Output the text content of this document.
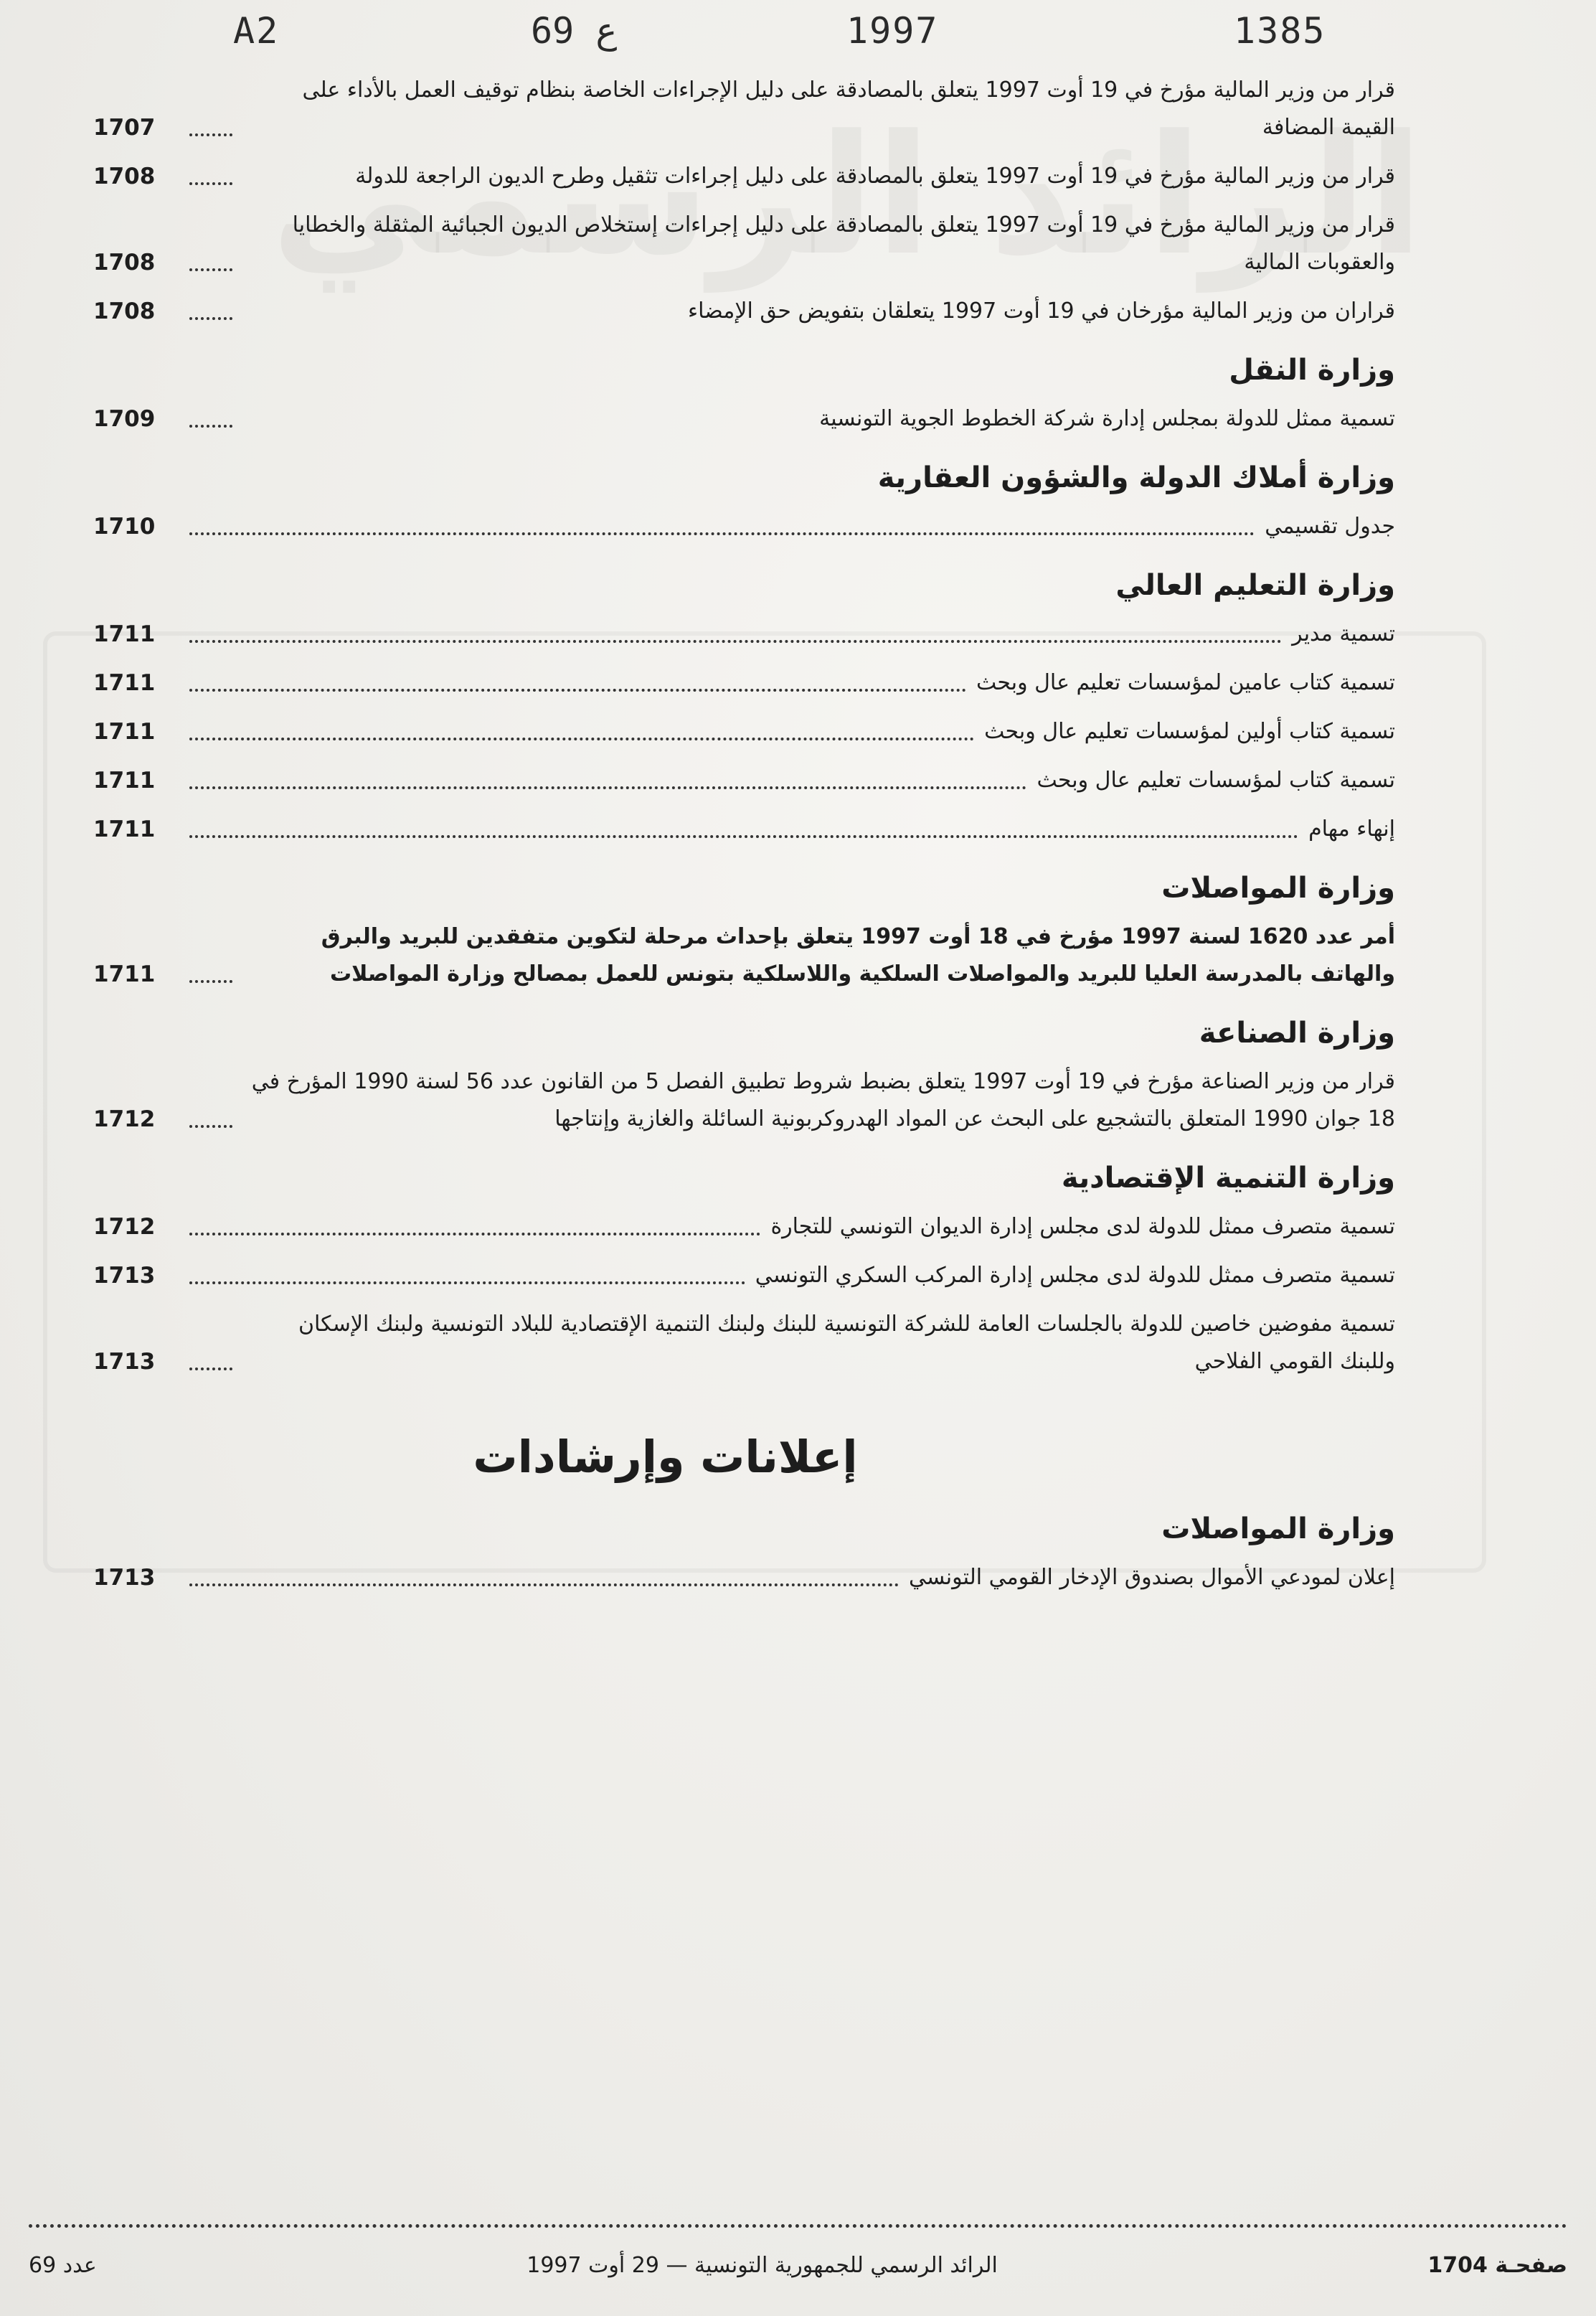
A2	69 ع	1997	1385
قرار من وزير المالية مؤرخ في 19 أوت 1997 يتعلق بالمصادقة على دليل الإجراءات الخاصة بنظام توقيف العمل بالأداء على القيمة المضافة
1707
قرار من وزير المالية مؤرخ في 19 أوت 1997 يتعلق بالمصادقة على دليل إجراءات تثقيل وطرح الديون الراجعة للدولة
1708
قرار من وزير المالية مؤرخ في 19 أوت 1997 يتعلق بالمصادقة على دليل إجراءات إستخلاص الديون الجبائية المثقلة والخطايا والعقوبات المالية
1708
قراران من وزير المالية مؤرخان في 19 أوت 1997 يتعلقان بتفويض حق الإمضاء
1708
وزارة النقل
تسمية ممثل للدولة بمجلس إدارة شركة الخطوط الجوية التونسية
1709
وزارة أملاك الدولة والشؤون العقارية
جدول تقسيمي
1710
وزارة التعليم العالي
تسمية مدير
1711
تسمية كتاب عامين لمؤسسات تعليم عال وبحث
1711
تسمية كتاب أولين لمؤسسات تعليم عال وبحث
1711
تسمية كتاب لمؤسسات تعليم عال وبحث
1711
إنهاء مهام
1711
وزارة المواصلات
أمر عدد 1620 لسنة 1997 مؤرخ في 18 أوت 1997 يتعلق بإحداث مرحلة لتكوين متفقدين للبريد والبرق والهاتف بالمدرسة العليا للبريد والمواصلات السلكية واللاسلكية بتونس للعمل بمصالح وزارة المواصلات
1711
وزارة الصناعة
قرار من وزير الصناعة مؤرخ في 19 أوت 1997 يتعلق بضبط شروط تطبيق الفصل 5 من القانون عدد 56 لسنة 1990 المؤرخ في 18 جوان 1990 المتعلق بالتشجيع على البحث عن المواد الهدروكربونية السائلة والغازية وإنتاجها
1712
وزارة التنمية الإقتصادية
تسمية متصرف ممثل للدولة لدى مجلس إدارة الديوان التونسي للتجارة
1712
تسمية متصرف ممثل للدولة لدى مجلس إدارة المركب السكري التونسي
1713
تسمية مفوضين خاصين للدولة بالجلسات العامة للشركة التونسية للبنك ولبنك التنمية الإقتصادية للبلاد التونسية ولبنك الإسكان وللبنك القومي الفلاحي
1713
إعلانات وإرشادات
وزارة المواصلات
إعلان لمودعي الأموال بصندوق الإدخار القومي التونسي
1713
صفحـة 1704
الرائد الرسمي للجمهورية التونسية — 29 أوت 1997
عدد 69
